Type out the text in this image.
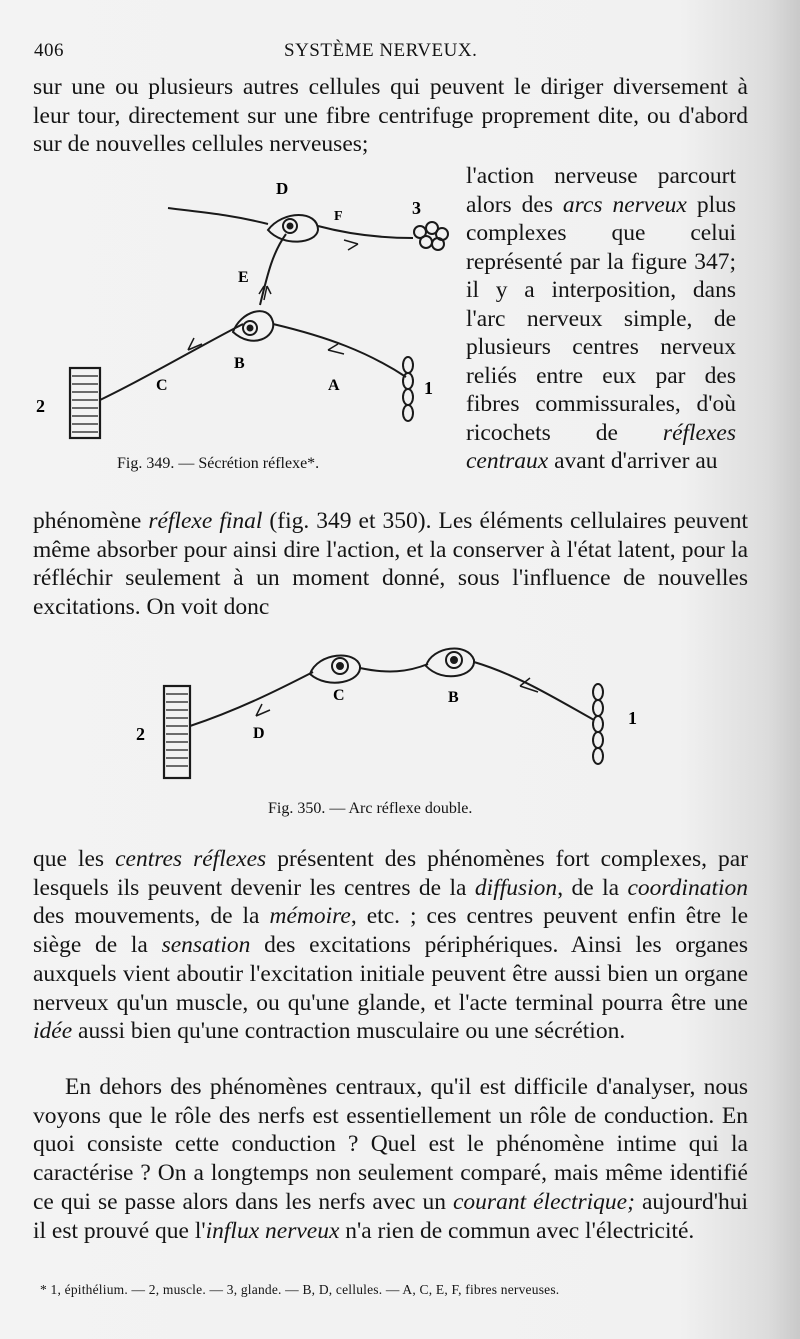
406	SYSTÈME NERVEUX.

sur une ou plusieurs autres cellules qui peuvent le diriger diversement à leur tour, directement sur une fibre centrifuge proprement dite, ou d'abord sur de nouvelles cellules nerveuses;

D
3
F
E
B
C	A	1
2
Fig. 349. — Sécrétion réflexe*.
l'action nerveuse parcourt alors des arcs nerveux plus complexes que celui représenté par la figure 347; il y a interposition, dans l'arc nerveux simple, de plusieurs centres nerveux reliés entre eux par des fibres commissurales, d'où ricochets de réflexes centraux avant d'arriver au

phénomène réflexe final (fig. 349 et 350). Les éléments cellulaires peuvent même absorber pour ainsi dire l'action, et la conserver à l'état latent, pour la réfléchir seulement à un moment donné, sous l'influence de nouvelles excitations. On voit donc

C	B
D
1
2
Fig. 350. — Arc réflexe double.

que les centres réflexes présentent des phénomènes fort complexes, par lesquels ils peuvent devenir les centres de la diffusion, de la coordination des mouvements, de la mémoire, etc. ; ces centres peuvent enfin être le siège de la sensation des excitations périphériques. Ainsi les organes auxquels vient aboutir l'excitation initiale peuvent être aussi bien un organe nerveux qu'un muscle, ou qu'une glande, et l'acte terminal pourra être une idée aussi bien qu'une contraction musculaire ou une sécrétion.

En dehors des phénomènes centraux, qu'il est difficile d'analyser, nous voyons que le rôle des nerfs est essentiellement un rôle de conduction. En quoi consiste cette conduction ? Quel est le phénomène intime qui la caractérise ? On a longtemps non seulement comparé, mais même identifié ce qui se passe alors dans les nerfs avec un courant électrique; aujourd'hui il est prouvé que l'influx nerveux n'a rien de commun avec l'électricité.

* 1, épithélium. — 2, muscle. — 3, glande. — B, D, cellules. — A, C, E, F, fibres nerveuses.
